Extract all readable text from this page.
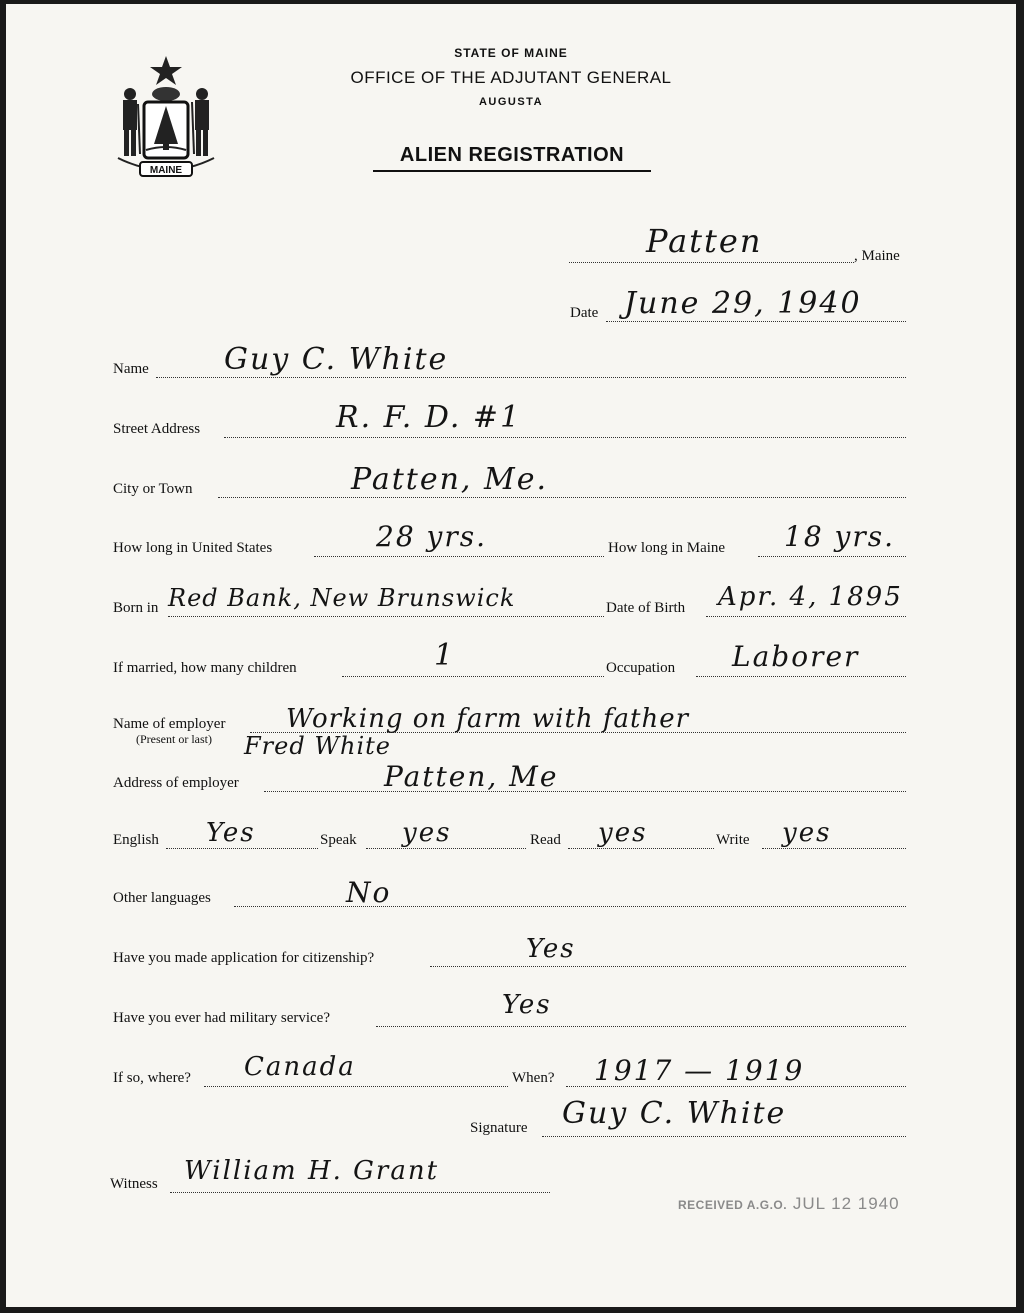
MAINE
STATE OF MAINE
OFFICE OF THE ADJUTANT GENERAL
AUGUSTA
ALIEN REGISTRATION
Patten	, Maine
Date June 29, 1940
Name	Guy C. White
Street Address	R. F. D. #1
City or Town	Patten, Me.
How long in United States	28 yrs.	How long in Maine 18 yrs.
Born in Red Bank, New Brunswick	Date of Birth Apr. 4, 1895
If married, how many children	1	Occupation Laborer
Name of employer
(Present or last)
Working on farm with father
Fred White
Address of employer	Patten, Me
English Yes	Speak yes	Read yes	Write yes
Other languages	No
Have you made application for citizenship?	Yes
Have you ever had military service?	Yes
If so, where? Canada	When? 1917 — 1919
Signature Guy C. White
Witness William H. Grant
RECEIVED A.G.O. JUL 12 1940
